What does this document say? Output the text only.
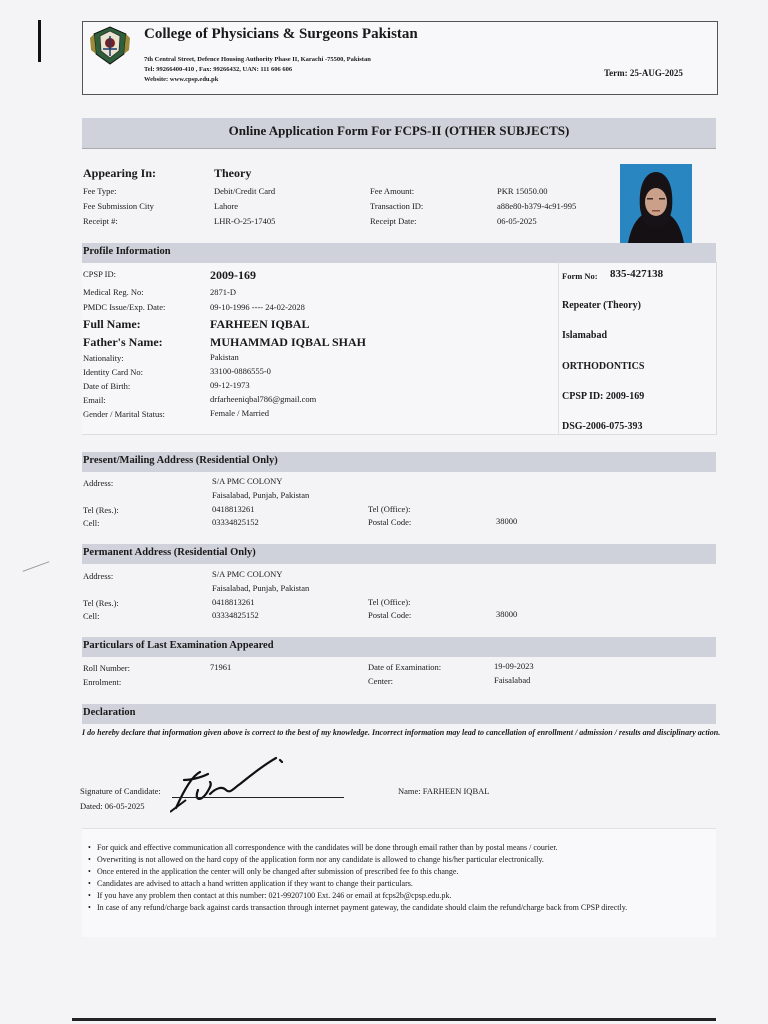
College of Physicians & Surgeons Pakistan
7th Central Street, Defence Housing Authority Phase II, Karachi -75500, Pakistan
Tel: 99266400-410 , Fax: 99266432, UAN: 111 606 606
Website: www.cpsp.edu.pk
Term: 25-AUG-2025
Online Application Form For FCPS-II (OTHER SUBJECTS)
Appearing In:	Theory
Fee Type:	Debit/Credit Card
Fee Submission City	Lahore
Receipt #:	LHR-O-25-17405
Fee Amount:	PKR 15050.00
Transaction ID:	a88e80-b379-4c91-995
Receipt Date:	06-05-2025
Profile Information
CPSP ID:	2009-169
Medical Reg. No:	2871-D
PMDC Issue/Exp. Date:	09-10-1996 ---- 24-02-2028
Full Name:	FARHEEN IQBAL
Father's Name:	MUHAMMAD IQBAL SHAH
Nationality:	Pakistan
Identity Card No:	33100-0886555-0
Date of Birth:	09-12-1973
Email:	drfarheeniqbal786@gmail.com
Gender / Marital Status:	Female / Married
Form No: 835-427138
Repeater (Theory)
Islamabad
ORTHODONTICS
CPSP ID: 2009-169
DSG-2006-075-393
Present/Mailing Address (Residential Only)
Address:	S/A PMC COLONY
Faisalabad, Punjab, Pakistan
Tel (Res.):	0418813261
Cell:	03334825152
Tel (Office):
Postal Code:	38000
Permanent Address (Residential Only)
Address:	S/A PMC COLONY
Faisalabad, Punjab, Pakistan
Tel (Res.):	0418813261
Cell:	03334825152
Tel (Office):
Postal Code:	38000
Particulars of Last Examination Appeared
Roll Number:	71961
Enrolment:
Date of Examination:	19-09-2023
Center:	Faisalabad
Declaration
I do hereby declare that information given above is correct to the best of my knowledge. Incorrect information may lead to cancellation of enrollment / admission / results and disciplinary action.
Signature of Candidate:
Dated: 06-05-2025
Name: FARHEEN IQBAL
• For quick and effective communication all correspondence with the candidates will be done through email rather than by postal means / courier.
• Overwriting is not allowed on the hard copy of the application form nor any candidate is allowed to change his/her particular electronically.
• Once entered in the application the center will only be changed after submission of prescribed fee fo this change.
• Candidates are advised to attach a hand written application if they want to change their particulars.
• If you have any problem then contact at this number: 021-99207100 Ext. 246 or email at fcps2b@cpsp.edu.pk.
• In case of any refund/charge back against cards transaction through internet payment gateway, the candidate should claim the refund/charge back from CPSP directly.
